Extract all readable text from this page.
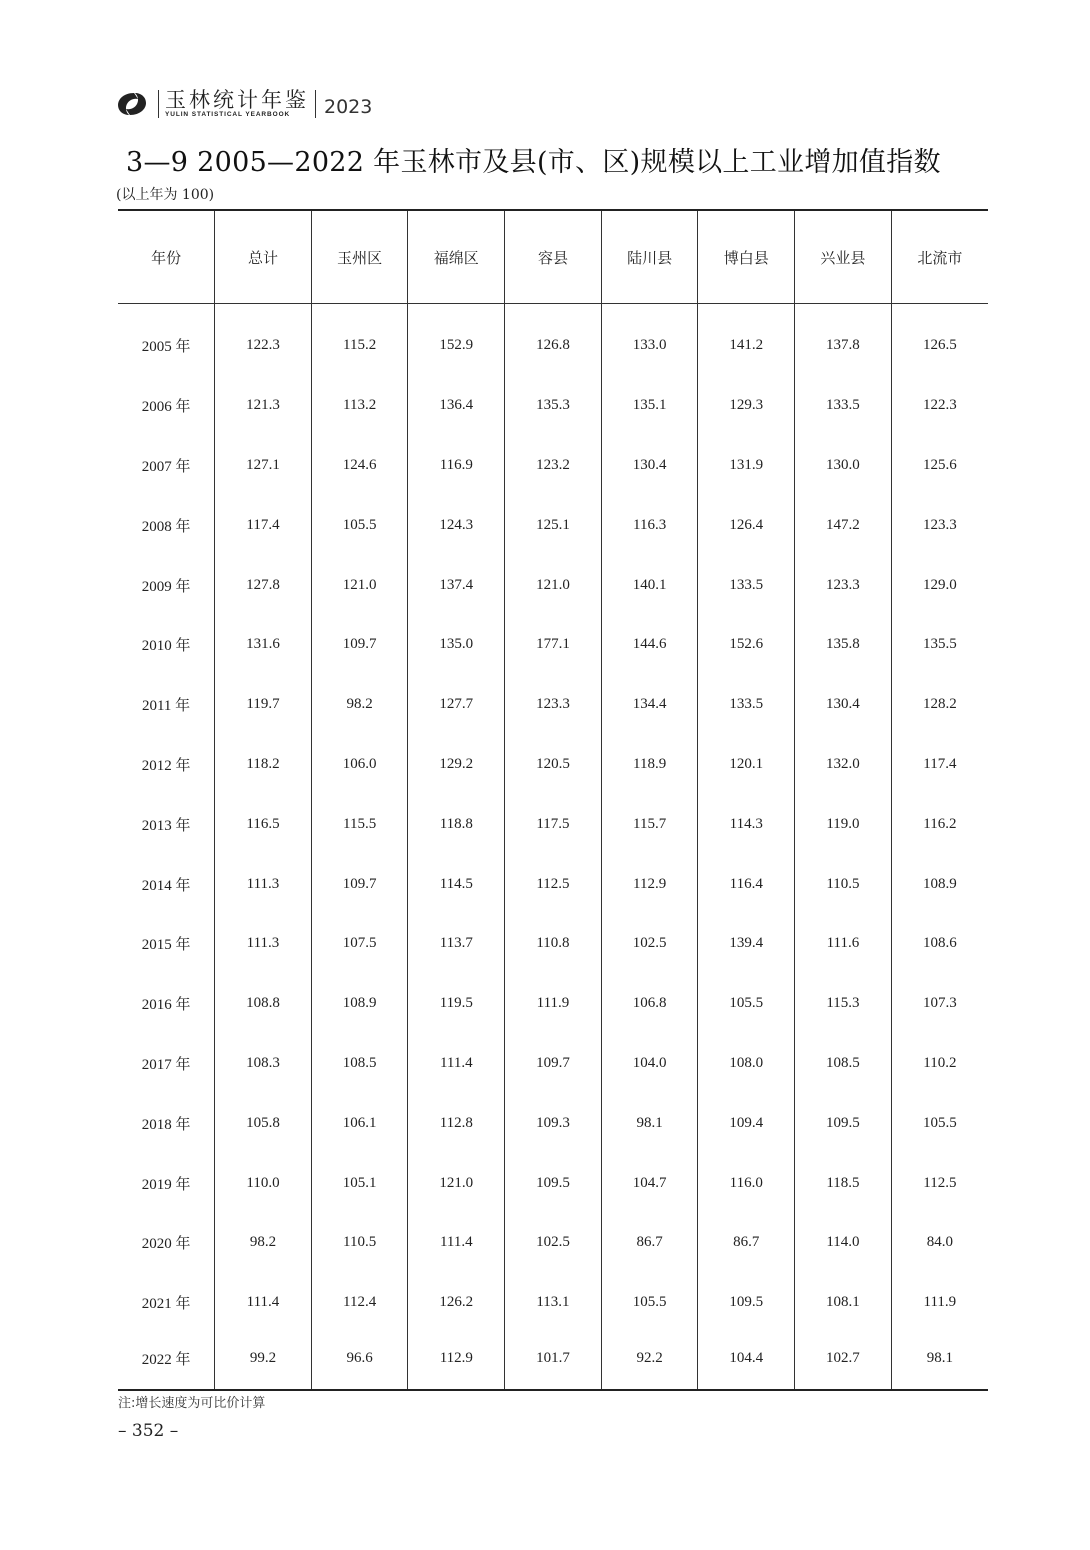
玉林统计年鉴
YULIN STATISTICAL YEARBOOK	2023
3—9 2005—2022 年玉林市及县(市、区)规模以上工业增加值指数
(以上年为 100)
年份	总计	玉州区	福绵区	容县	陆川县	博白县	兴业县	北流市
2005 年	122.3	115.2	152.9	126.8	133.0	141.2	137.8	126.5
2006 年	121.3	113.2	136.4	135.3	135.1	129.3	133.5	122.3
2007 年	127.1	124.6	116.9	123.2	130.4	131.9	130.0	125.6
2008 年	117.4	105.5	124.3	125.1	116.3	126.4	147.2	123.3
2009 年	127.8	121.0	137.4	121.0	140.1	133.5	123.3	129.0
2010 年	131.6	109.7	135.0	177.1	144.6	152.6	135.8	135.5
2011 年	119.7	98.2	127.7	123.3	134.4	133.5	130.4	128.2
2012 年	118.2	106.0	129.2	120.5	118.9	120.1	132.0	117.4
2013 年	116.5	115.5	118.8	117.5	115.7	114.3	119.0	116.2
2014 年	111.3	109.7	114.5	112.5	112.9	116.4	110.5	108.9
2015 年	111.3	107.5	113.7	110.8	102.5	139.4	111.6	108.6
2016 年	108.8	108.9	119.5	111.9	106.8	105.5	115.3	107.3
2017 年	108.3	108.5	111.4	109.7	104.0	108.0	108.5	110.2
2018 年	105.8	106.1	112.8	109.3	98.1	109.4	109.5	105.5
2019 年	110.0	105.1	121.0	109.5	104.7	116.0	118.5	112.5
2020 年	98.2	110.5	111.4	102.5	86.7	86.7	114.0	84.0
2021 年	111.4	112.4	126.2	113.1	105.5	109.5	108.1	111.9
2022 年	99.2	96.6	112.9	101.7	92.2	104.4	102.7	98.1
注:增长速度为可比价计算
– 352 –
